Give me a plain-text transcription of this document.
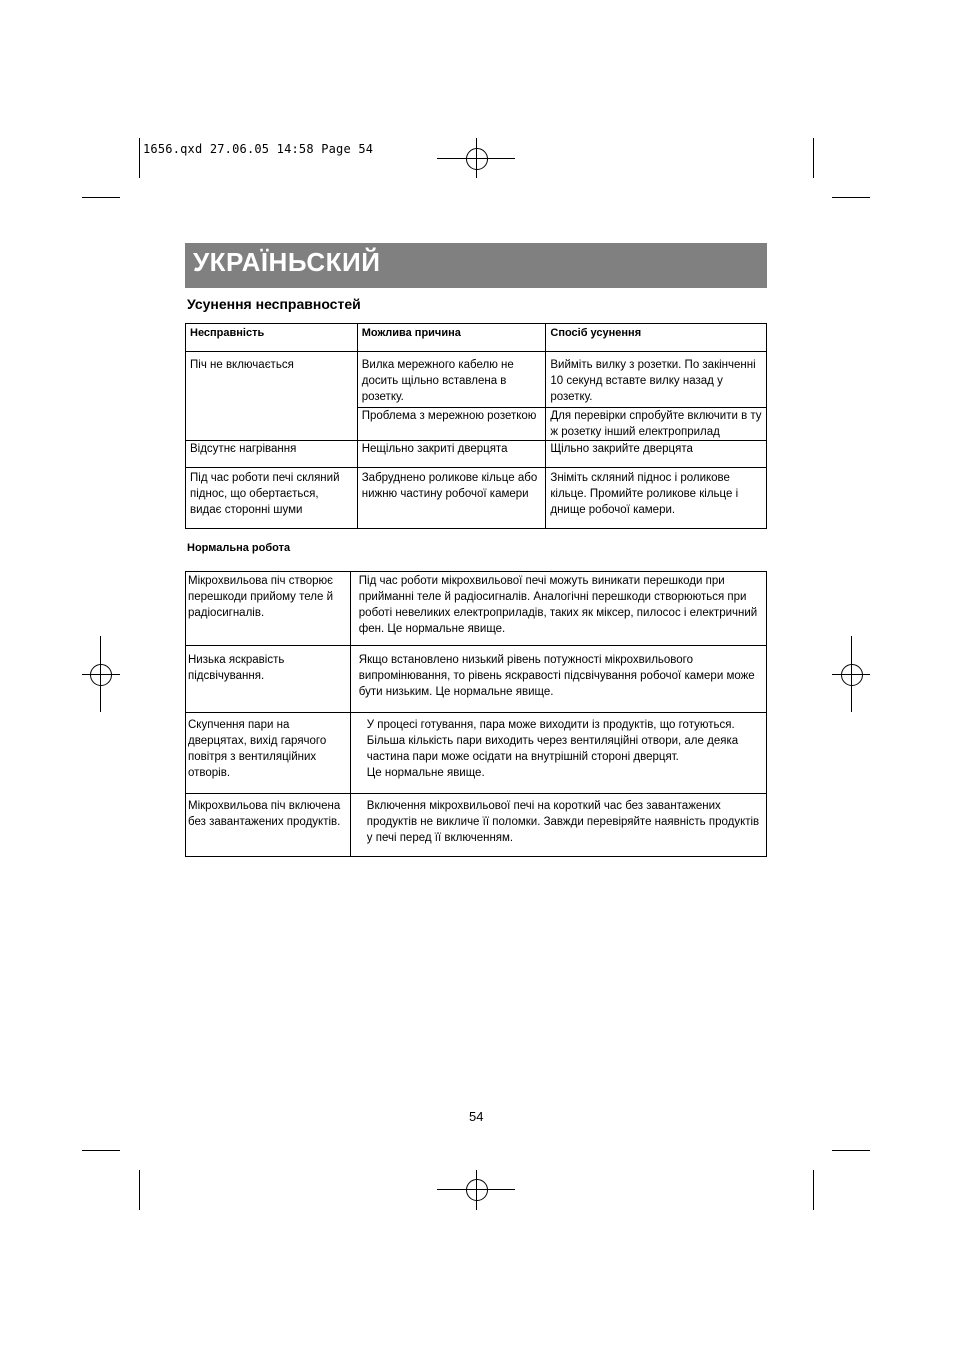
1656.qxd 27.06.05 14:58 Page 54
УКРАЇНЬСКИЙ
Усунення несправностей
Несправність	Можлива причина	Спосіб усунення
Піч не включається	Вилка мережного кабелю не досить щільно вставлена в розетку.	Вийміть вилку з розетки. По закінченні 10 секунд вставте вилку назад у розетку.
	Проблема з мережною розеткою	Для перевірки спробуйте включити в ту ж розетку інший електроприлад
Відсутнє нагрівання	Нещільно закриті дверцята	Щільно закрийте дверцята
Під час роботи печі скляний піднос, що обертається, видає сторонні шуми	Забруднено роликове кільце або нижню частину робочої камери	Зніміть скляний піднос і роликове кільце. Промийте роликове кільце і днище робочої камери.
Нормальна робота
Мікрохвильова піч створює перешкоди прийому теле й радіосигналів.	Під час роботи мікрохвильової печі можуть виникати перешкоди при прийманні теле й радіосигналів. Аналогічні перешкоди створюються при роботі невеликих електроприладів, таких як міксер, пилосос і електричний фен. Це нормальне явище.
Низька яскравість підсвічування.	Якщо встановлено низький рівень потужності мікрохвильового випромінювання, то рівень яскравості підсвічування робочої камери може бути низьким. Це нормальне явище.
Скупчення пари на дверцятах, вихід гарячого повітря з вентиляційних отворів.	У процесі готування, пара може виходити із продуктів, що готуються. Більша кількість пари виходить через вентиляційні отвори, але деяка частина пари може осідати на внутрішній стороні дверцят.
Це нормальне явище.

Мікрохвильова піч включена без завантажених продуктів.	Включення мікрохвильової печі на короткий час без завантажених продуктів не викличе її поломки. Завжди перевіряйте наявність продуктів у печі перед її включенням.
54
